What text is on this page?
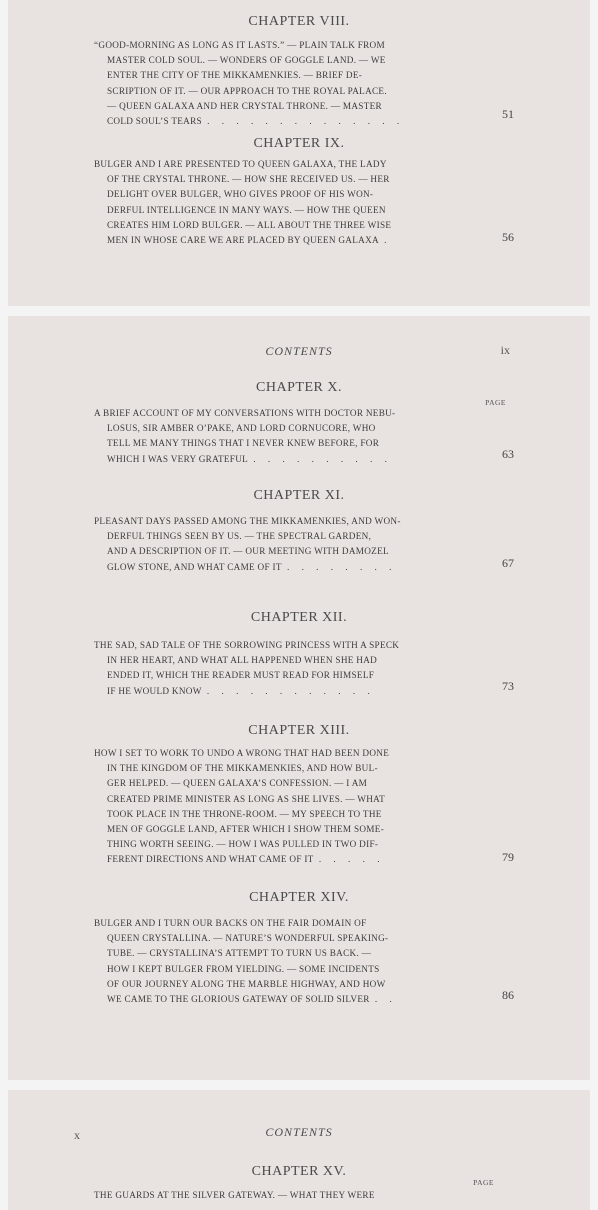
CHAPTER VIII.
“GOOD-MORNING AS LONG AS IT LASTS.” — PLAIN TALK FROM
MASTER COLD SOUL. — WONDERS OF GOGGLE LAND. — WE
ENTER THE CITY OF THE MIKKAMENKIES. — BRIEF DE-
SCRIPTION OF IT. — OUR APPROACH TO THE ROYAL PALACE.
— QUEEN GALAXA AND HER CRYSTAL THRONE. — MASTER
COLD SOUL’S TEARS . . . . . . . . . . . . . .
51
CHAPTER IX.
BULGER AND I ARE PRESENTED TO QUEEN GALAXA, THE LADY
OF THE CRYSTAL THRONE. — HOW SHE RECEIVED US. — HER
DELIGHT OVER BULGER, WHO GIVES PROOF OF HIS WON-
DERFUL INTELLIGENCE IN MANY WAYS. — HOW THE QUEEN
CREATES HIM LORD BULGER. — ALL ABOUT THE THREE WISE
MEN IN WHOSE CARE WE ARE PLACED BY QUEEN GALAXA .	56
CONTENTS	ix
CHAPTER X.
PAGE
A BRIEF ACCOUNT OF MY CONVERSATIONS WITH DOCTOR NEBU-
LOSUS, SIR AMBER O’PAKE, AND LORD CORNUCORE, WHO
TELL ME MANY THINGS THAT I NEVER KNEW BEFORE, FOR
WHICH I WAS VERY GRATEFUL . . . . . . . . . .	63
CHAPTER XI.
PLEASANT DAYS PASSED AMONG THE MIKKAMENKIES, AND WON-
DERFUL THINGS SEEN BY US. — THE SPECTRAL GARDEN,
AND A DESCRIPTION OF IT. — OUR MEETING WITH DAMOZEL
GLOW STONE, AND WHAT CAME OF IT . . . . . . . .	67
CHAPTER XII.
THE SAD, SAD TALE OF THE SORROWING PRINCESS WITH A SPECK
IN HER HEART, AND WHAT ALL HAPPENED WHEN SHE HAD
ENDED IT, WHICH THE READER MUST READ FOR HIMSELF
IF HE WOULD KNOW . . . . . . . . . . . .	73
CHAPTER XIII.
HOW I SET TO WORK TO UNDO A WRONG THAT HAD BEEN DONE
IN THE KINGDOM OF THE MIKKAMENKIES, AND HOW BUL-
GER HELPED. — QUEEN GALAXA’S CONFESSION. — I AM
CREATED PRIME MINISTER AS LONG AS SHE LIVES. — WHAT
TOOK PLACE IN THE THRONE-ROOM. — MY SPEECH TO THE
MEN OF GOGGLE LAND, AFTER WHICH I SHOW THEM SOME-
THING WORTH SEEING. — HOW I WAS PULLED IN TWO DIF-
FERENT DIRECTIONS AND WHAT CAME OF IT . . . . .	79
CHAPTER XIV.
BULGER AND I TURN OUR BACKS ON THE FAIR DOMAIN OF
QUEEN CRYSTALLINA. — NATURE’S WONDERFUL SPEAKING-
TUBE. — CRYSTALLINA’S ATTEMPT TO TURN US BACK. —
HOW I KEPT BULGER FROM YIELDING. — SOME INCIDENTS
OF OUR JOURNEY ALONG THE MARBLE HIGHWAY, AND HOW
WE CAME TO THE GLORIOUS GATEWAY OF SOLID SILVER . .	86
x	CONTENTS
CHAPTER XV.
PAGE
THE GUARDS AT THE SILVER GATEWAY. — WHAT THEY WERE
